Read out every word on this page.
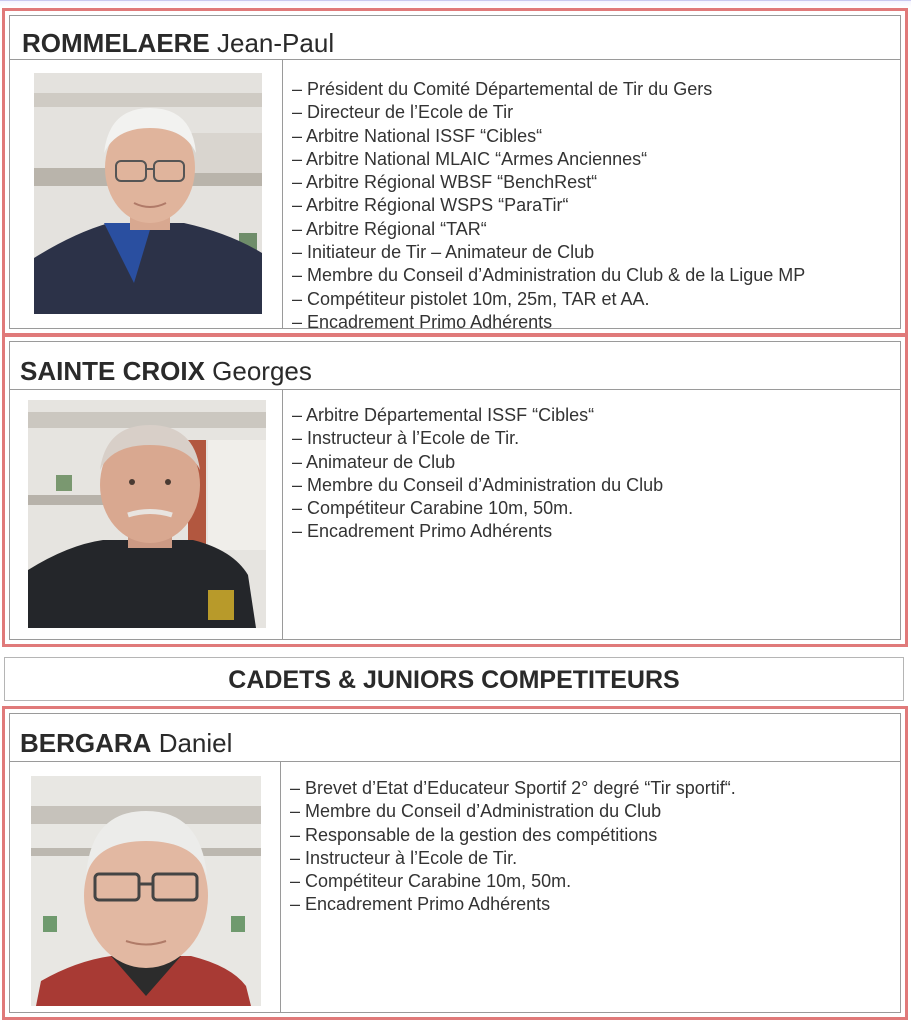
ROMMELAERE Jean-Paul
– Président du Comité Départemental de Tir du Gers
– Directeur de l’Ecole de Tir
– Arbitre National ISSF “Cibles“
– Arbitre National MLAIC “Armes Anciennes“
– Arbitre Régional WBSF “BenchRest“
– Arbitre Régional WSPS “ParaTir“
– Arbitre Régional “TAR“
– Initiateur de Tir – Animateur de Club
– Membre du Conseil d’Administration du Club & de la Ligue MP
– Compétiteur pistolet 10m, 25m, TAR et AA.
– Encadrement Primo Adhérents
SAINTE CROIX Georges
– Arbitre Départemental ISSF “Cibles“
– Instructeur à l’Ecole de Tir.
– Animateur de Club
– Membre du Conseil d’Administration du Club
– Compétiteur Carabine 10m, 50m.
– Encadrement Primo Adhérents
CADETS & JUNIORS COMPETITEURS
BERGARA Daniel
– Brevet d’Etat d’Educateur Sportif 2° degré “Tir sportif“.
– Membre du Conseil d’Administration du Club
– Responsable de la gestion des compétitions
– Instructeur à l’Ecole de Tir.
– Compétiteur Carabine 10m, 50m.
– Encadrement Primo Adhérents
